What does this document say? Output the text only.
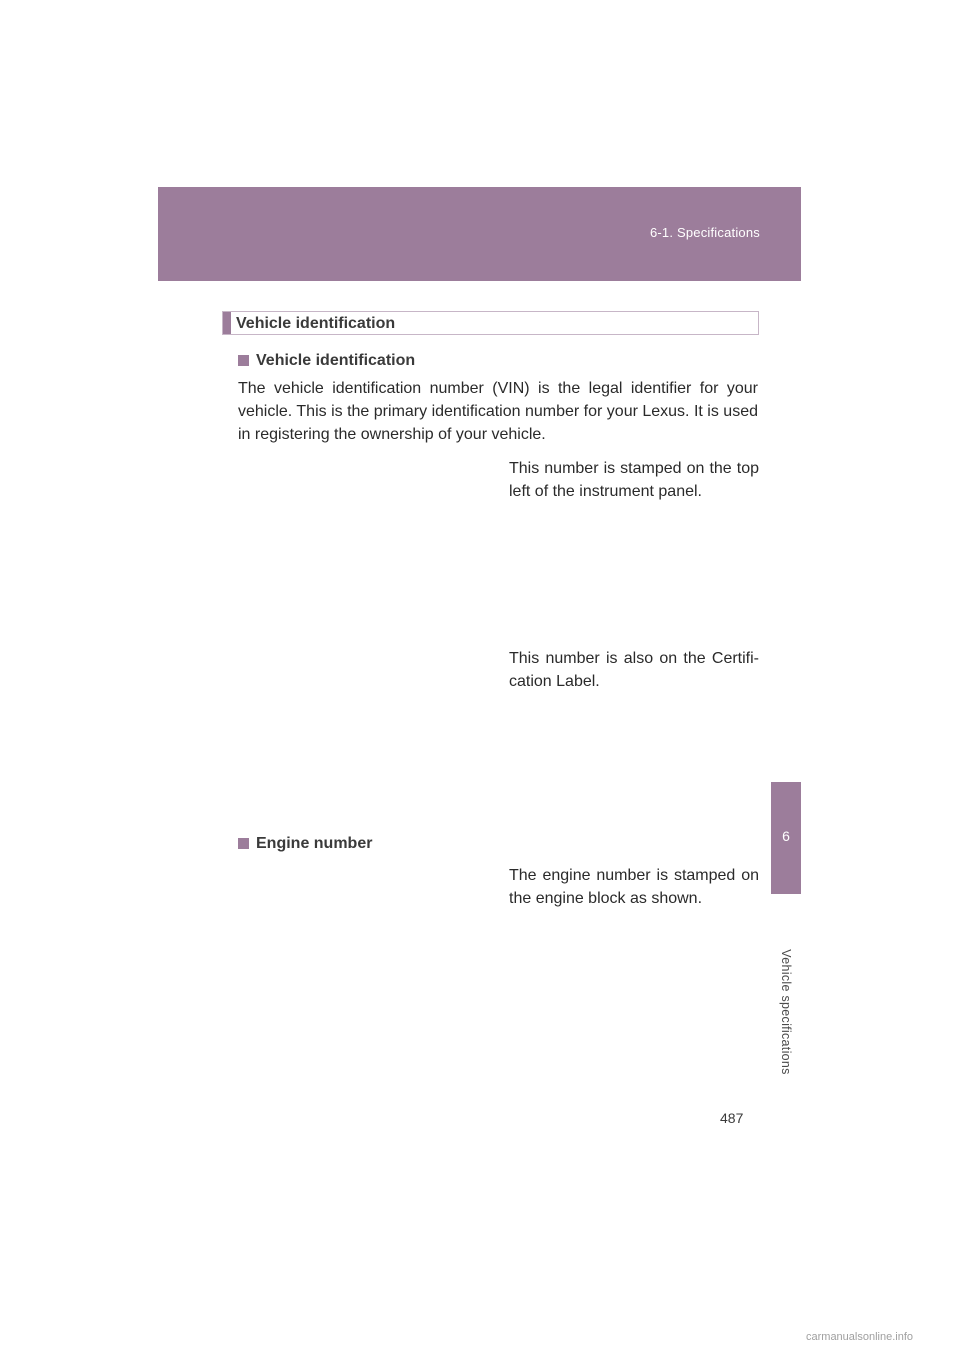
6-1. Specifications
6
Vehicle specifications
Vehicle identification
Vehicle identification
The vehicle identification number (VIN) is the legal identifier for your vehicle. This is the primary identification number for your Lexus. It is used in registering the ownership of your vehicle.
This number is stamped on the top left of the instrument panel.
This number is also on the Certifi-cation Label.
Engine number
The engine number is stamped on the engine block as shown.
487
carmanualsonline.info
